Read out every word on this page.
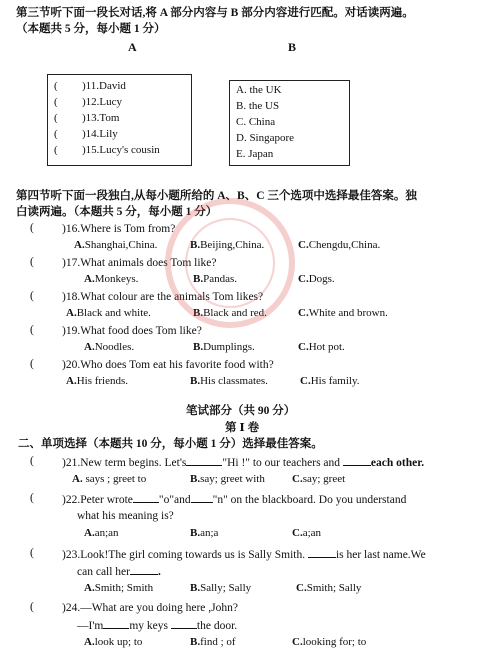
第三节听下面一段长对话,将 A 部分内容与 B 部分内容进行匹配。对话读两遍。
（本题共 5 分，每小题 1 分）
A	B
( )11.David
( )12.Lucy
( )13.Tom
( )14.Lily
( )15.Lucy's cousin
A. the UK
B. the US
C. China
D. Singapore
E. Japan
第四节听下面一段独白,从每小题所给的 A、B、C 三个选项中选择最佳答案。独
白读两遍。（本题共 5 分，每小题 1 分）
( )16.Where is Tom from?
A.Shanghai,China.	B.Beijing,China.	C.Chengdu,China.
( )17.What animals does Tom like?
A.Monkeys.	B.Pandas.	C.Dogs.
( )18.What colour are the animals Tom likes?
A.Black and white.	B.Black and red.	C.White and brown.
( )19.What food does Tom like?
A.Noodles.	B.Dumplings.	C.Hot pot.
( )20.Who does Tom eat his favorite food with?
A.His friends.	B.His classmates.	C.His family.
笔试部分（共 90 分）
第 Ⅰ 卷
二、单项选择（本题共 10 分，每小题 1 分）选择最佳答案。
( )21.New term begins. Let's	"Hi !" to our teachers and	each other.
A. says ; greet to	B.say; greet with C.say; greet
( )22.Peter wrote "o"and "n" on the blackboard. Do you understand
what his meaning is?
A.an;an	B.an;a	C.a;an
( )23.Look!The girl coming towards us is Sally Smith.	is her last name.We
can call her .
A.Smith; Smith	B.Sally; Sally	C.Smith; Sally
( )24.—What are you doing here ,John?
—I'm my keys	the door.
A.look up; to	B.find ; of	C.looking for; to
